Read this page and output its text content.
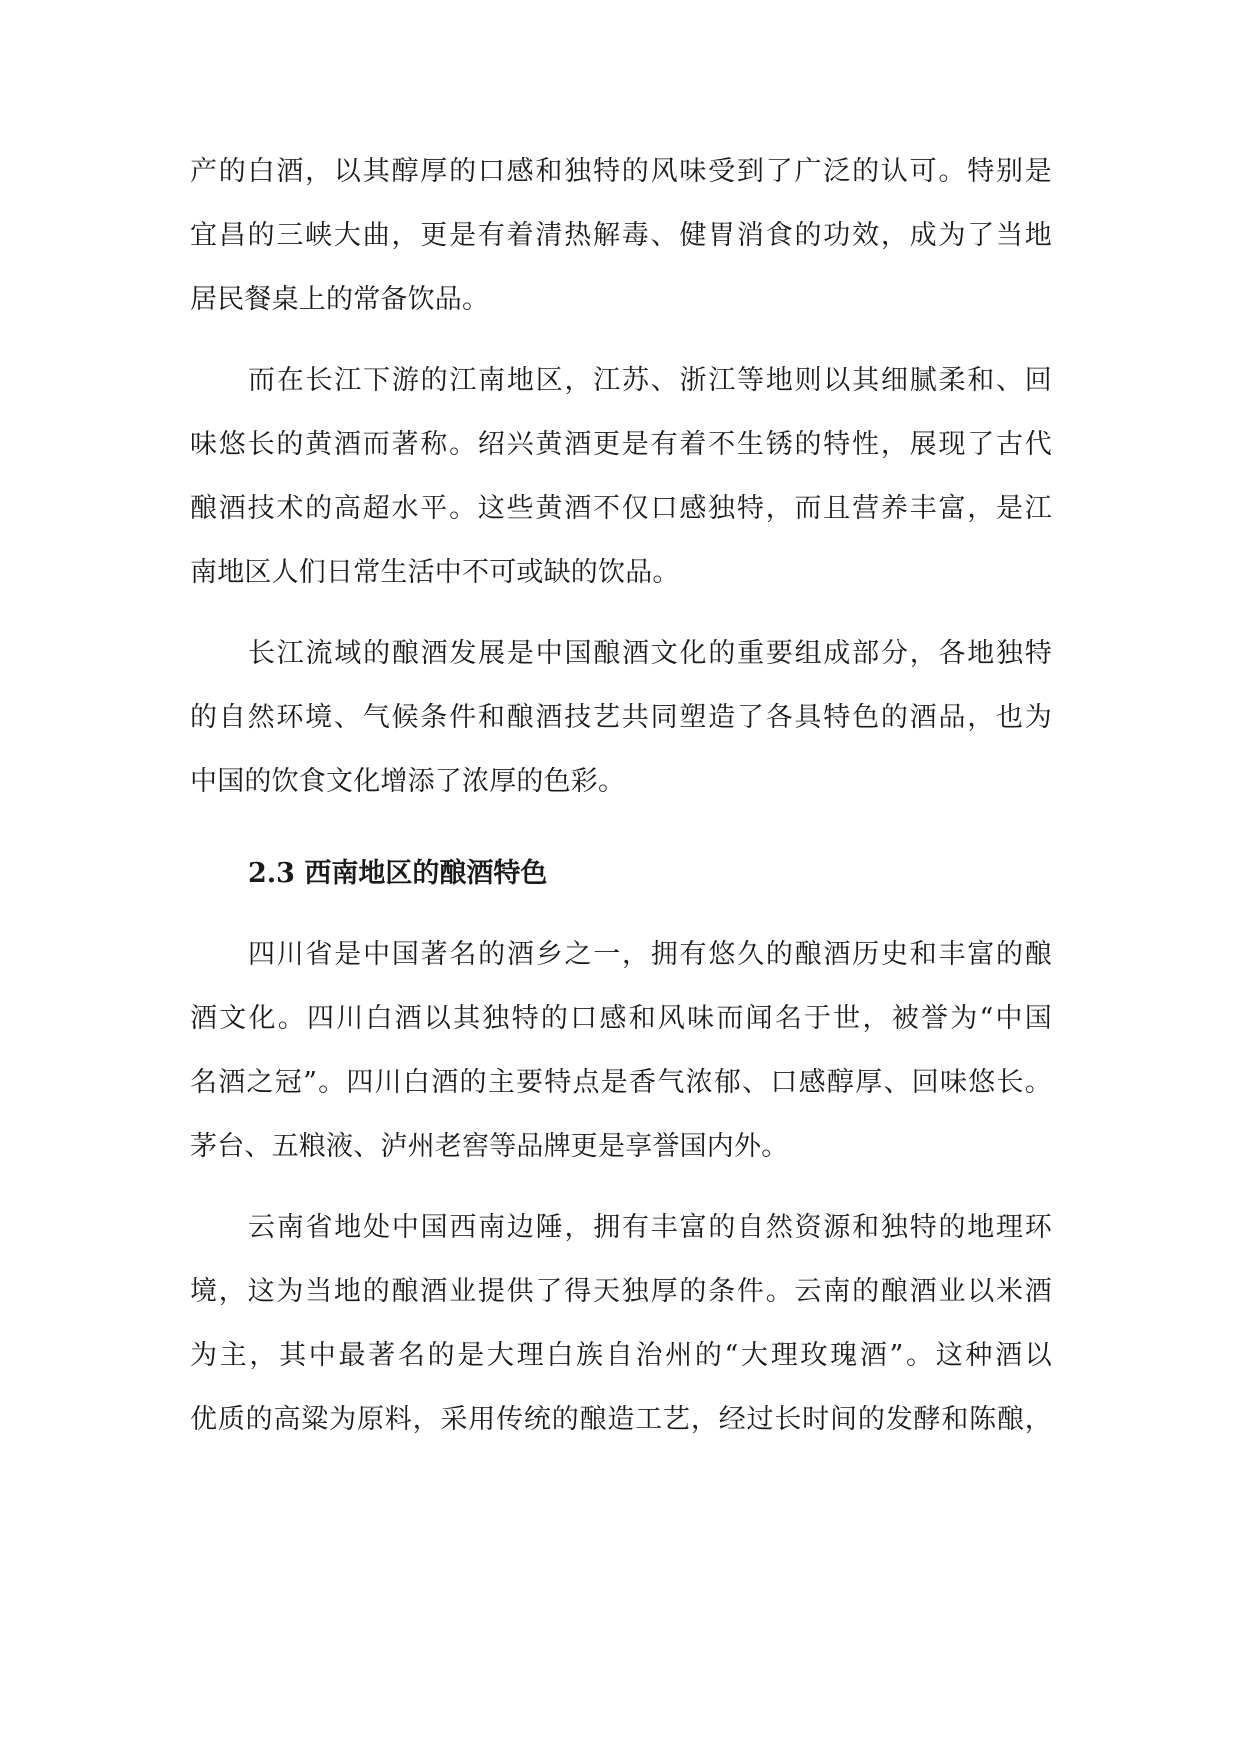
产的白酒，以其醇厚的口感和独特的风味受到了广泛的认可。特别是
宜昌的三峡大曲，更是有着清热解毒、健胃消食的功效，成为了当地
居民餐桌上的常备饮品。
而在长江下游的江南地区，江苏、浙江等地则以其细腻柔和、回
味悠长的黄酒而著称。绍兴黄酒更是有着不生锈的特性，展现了古代
酿酒技术的高超水平。这些黄酒不仅口感独特，而且营养丰富，是江
南地区人们日常生活中不可或缺的饮品。
长江流域的酿酒发展是中国酿酒文化的重要组成部分，各地独特
的自然环境、气候条件和酿酒技艺共同塑造了各具特色的酒品，也为
中国的饮食文化增添了浓厚的色彩。
2.3 西南地区的酿酒特色
四川省是中国著名的酒乡之一，拥有悠久的酿酒历史和丰富的酿
酒文化。四川白酒以其独特的口感和风味而闻名于世，被誉为“中国
名酒之冠”。四川白酒的主要特点是香气浓郁、口感醇厚、回味悠长。
茅台、五粮液、泸州老窖等品牌更是享誉国内外。
云南省地处中国西南边陲，拥有丰富的自然资源和独特的地理环
境，这为当地的酿酒业提供了得天独厚的条件。云南的酿酒业以米酒
为主，其中最著名的是大理白族自治州的“大理玫瑰酒”。这种酒以
优质的高粱为原料，采用传统的酿造工艺，经过长时间的发酵和陈酿，
